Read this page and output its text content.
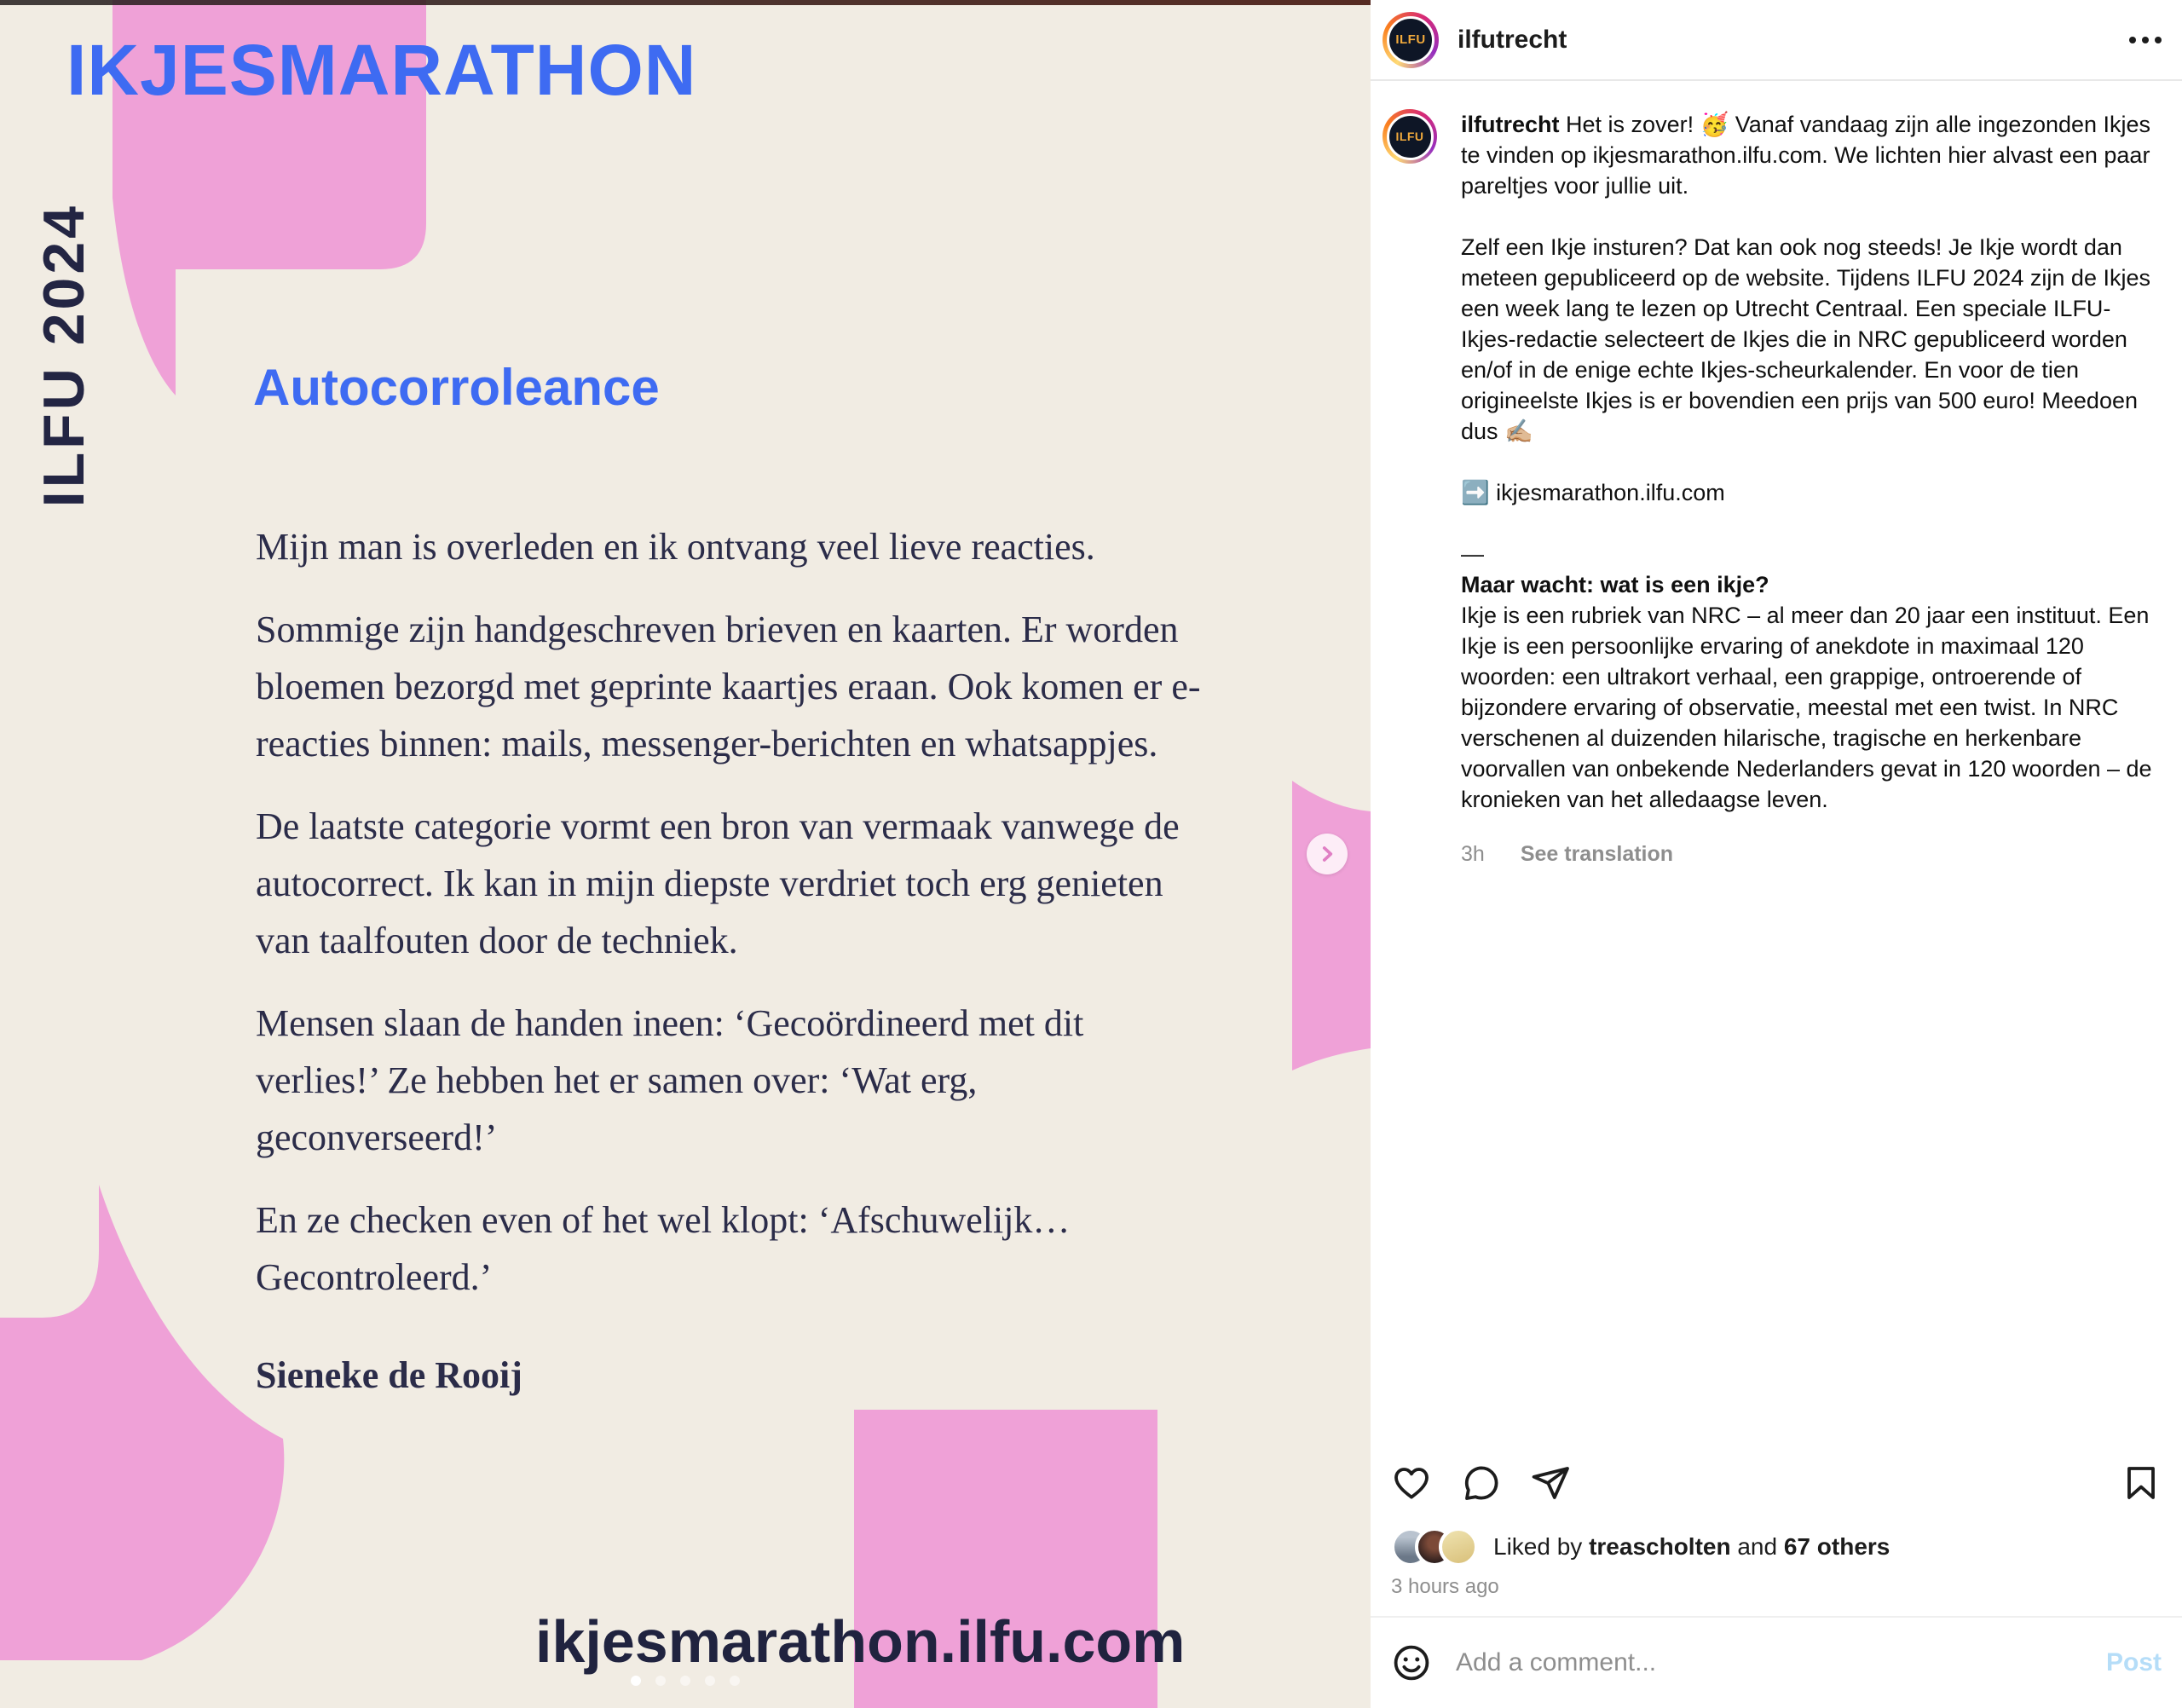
IKJESMARATHON
ILFU 2024	Autocorroleance

Mijn man is overleden en ik ontvang veel lieve reacties.

Sommige zijn handgeschreven brieven en kaarten. Er worden bloemen bezorgd met geprinte kaartjes eraan. Ook komen er e-reacties binnen: mails, messenger-berichten en whatsappjes.

De laatste categorie vormt een bron van vermaak vanwege de autocorrect. Ik kan in mijn diepste verdriet toch erg genieten van taalfouten door de techniek.

Mensen slaan de handen ineen: ‘Gecoördineerd met dit verlies!’ Ze hebben het er samen over: ‘Wat erg, geconverseerd!’

En ze checken even of het wel klopt: ‘Afschuwelijk… Gecontroleerd.’

Sieneke de Rooij
ikjesmarathon.ilfu.com
ILFU	ilfutrecht
ILFU	ilfutrecht Het is zover! 🥳 Vanaf vandaag zijn alle ingezonden Ikjes te vinden op ikjesmarathon.ilfu.com. We lichten hier alvast een paar pareltjes voor jullie uit.

Zelf een Ikje insturen? Dat kan ook nog steeds! Je Ikje wordt dan meteen gepubliceerd op de website. Tijdens ILFU 2024 zijn de Ikjes een week lang te lezen op Utrecht Centraal. Een speciale ILFU-Ikjes-redactie selecteert de Ikjes die in NRC gepubliceerd worden en/of in de enige echte Ikjes-scheurkalender. En voor de tien origineelste Ikjes is er bovendien een prijs van 500 euro! Meedoen dus ✍🏼

➡️ ikjesmarathon.ilfu.com

—

Maar wacht: wat is een ikje?

Ikje is een rubriek van NRC – al meer dan 20 jaar een instituut. Een Ikje is een persoonlijke ervaring of anekdote in maximaal 120 woorden: een ultrakort verhaal, een grappige, ontroerende of bijzondere ervaring of observatie, meestal met een twist. In NRC verschenen al duizenden hilarische, tragische en herkenbare voorvallen van onbekende Nederlanders gevat in 120 woorden – de kronieken van het alledaagse leven.

3h See translation
Liked by treascholten and 67 others
3 hours ago
Add a comment...
Post
